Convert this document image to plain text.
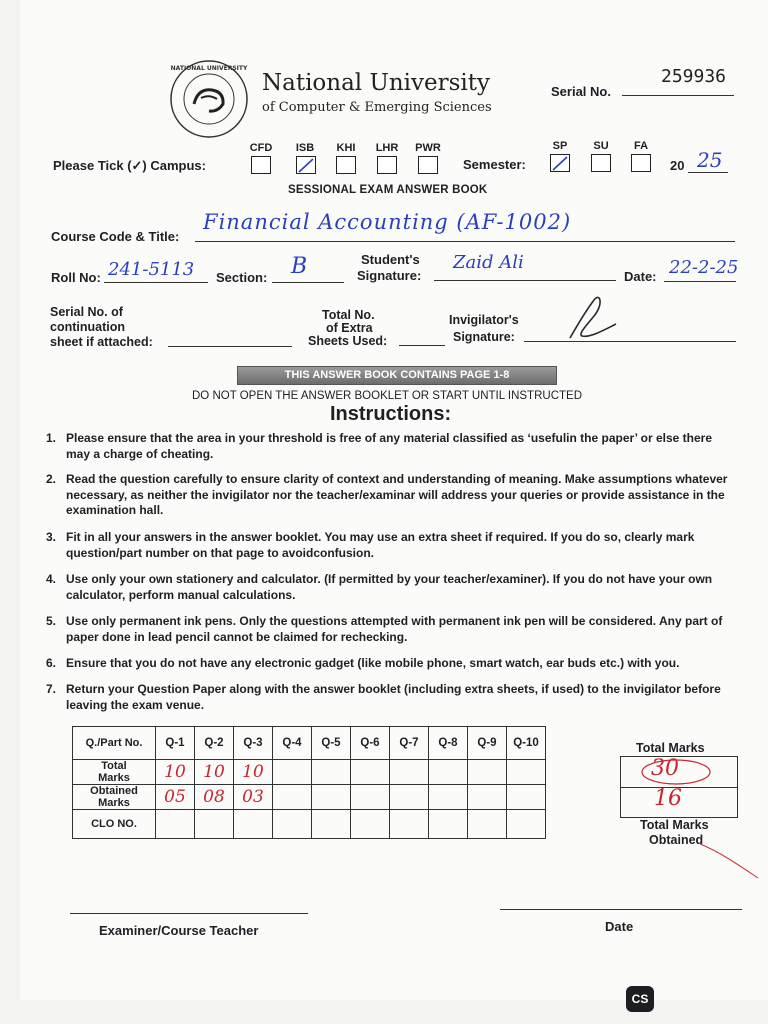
NATIONAL UNIVERSITY
National University
of Computer & Emerging Sciences
Serial No.
259936
Please Tick (✓) Campus:
CFD	ISB	KHI	LHR	PWR
Semester:
SP	SU	FA
20 25
SESSIONAL EXAM ANSWER BOOK
Course Code & Title:
Financial Accounting (AF-1002)
Roll No: 241-5113 Section: B	Student's
Signature:
Zaid Ali
Date: 22-2-25
Serial No. of
continuation
sheet if attached:
Total No.
of Extra
Sheets Used:
Invigilator's
Signature:
THIS ANSWER BOOK CONTAINS PAGE 1-8
DO NOT OPEN THE ANSWER BOOKLET OR START UNTIL INSTRUCTED
Instructions:
1. Please ensure that the area in your threshold is free of any material classified as ‘usefulin the paper’ or else there may a charge of cheating.
2. Read the question carefully to ensure clarity of context and understanding of meaning. Make assumptions whatever necessary, as neither the invigilator nor the teacher/examinar will address your queries or provide assistance in the examination hall.
3. Fit in all your answers in the answer booklet. You may use an extra sheet if required. If you do so, clearly mark question/part number on that page to avoidconfusion.
4. Use only your own stationery and calculator. (If permitted by your teacher/examiner). If you do not have your own calculator, perform manual calculations.
5. Use only permanent ink pens. Only the questions attempted with permanent ink pen will be considered. Any part of paper done in lead pencil cannot be claimed for rechecking.
6. Ensure that you do not have any electronic gadget (like mobile phone, smart watch, ear buds etc.) with you.
7. Return your Question Paper along with the answer booklet (including extra sheets, if used) to the invigilator before leaving the exam venue.
Q./Part No.	Q-1	Q-2	Q-3	Q-4	Q-5	Q-6	Q-7	Q-8	Q-9	Q-10
Total
Marks	10	10	10							
Obtained
Marks	05	08	03							
CLO NO.										
Total Marks
30
16
Total Marks
Obtained
Examiner/Course Teacher	Date
CS
